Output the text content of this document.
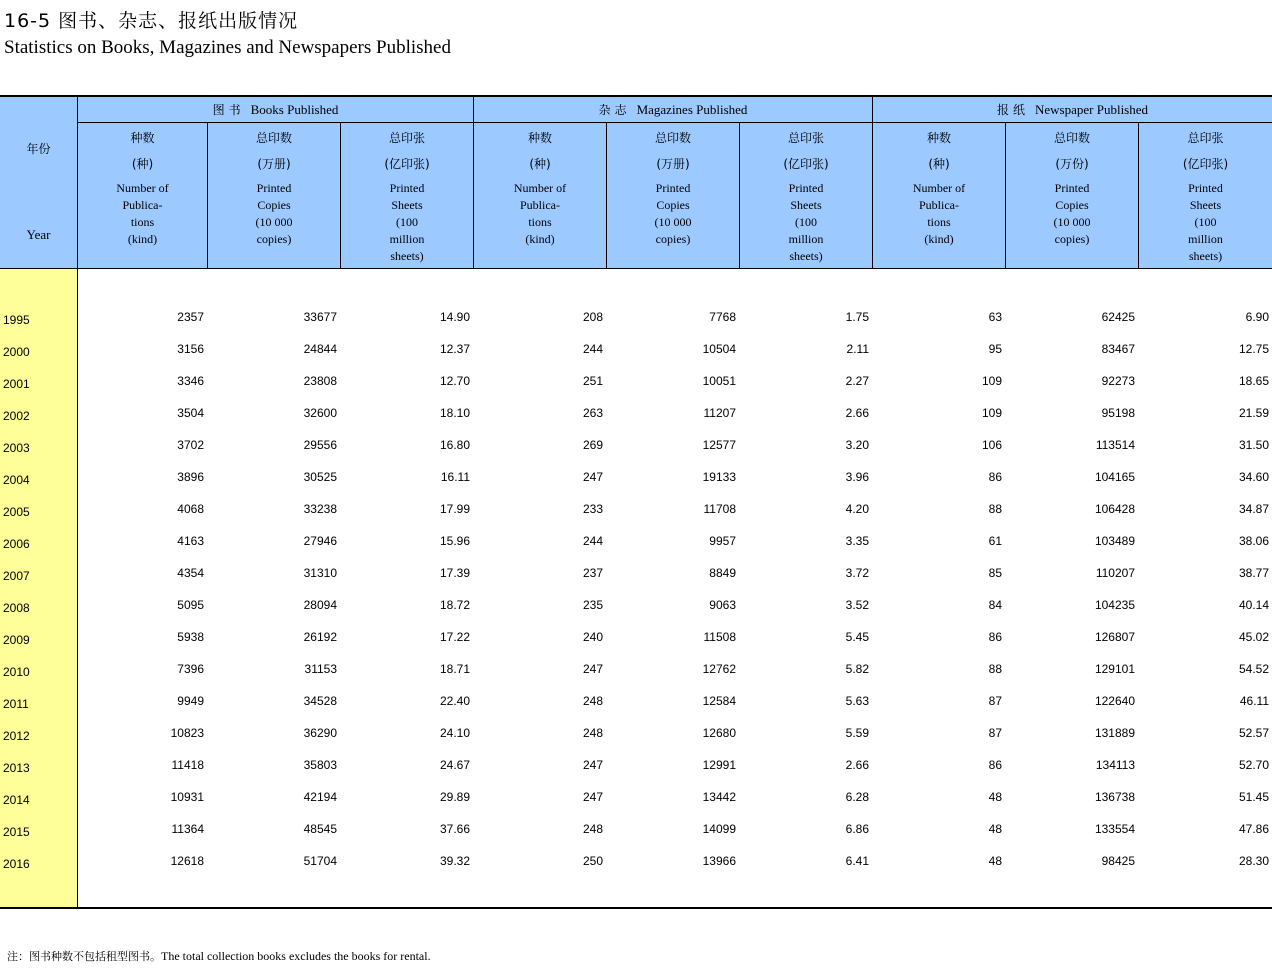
16-5 图书、杂志、报纸出版情况
Statistics on Books, Magazines and Newspapers Published
年份
Year
图书 Books Published	杂志 Magazines Published	报纸 Newspaper Published
种数
(种)
Number of
Publica-
tions
(kind)
总印数
(万册)
Printed
Copies
(10 000
copies)
总印张
(亿印张)
Printed
Sheets
(100
million
sheets)
种数
(种)
Number of
Publica-
tions
(kind)
总印数
(万册)
Printed
Copies
(10 000
copies)
总印张
(亿印张)
Printed
Sheets
(100
million
sheets)
种数
(种)
Number of
Publica-
tions
(kind)
总印数
(万份)
Printed
Copies
(10 000
copies)
总印张
(亿印张)
Printed
Sheets
(100
million
sheets)
1995	2357	33677	14.90	208	7768	1.75	63	62425	6.90
2000	3156	24844	12.37	244	10504	2.11	95	83467	12.75
2001	3346	23808	12.70	251	10051	2.27	109	92273	18.65
2002	3504	32600	18.10	263	11207	2.66	109	95198	21.59
2003	3702	29556	16.80	269	12577	3.20	106	113514	31.50
2004	3896	30525	16.11	247	19133	3.96	86	104165	34.60
2005	4068	33238	17.99	233	11708	4.20	88	106428	34.87
2006	4163	27946	15.96	244	9957	3.35	61	103489	38.06
2007	4354	31310	17.39	237	8849	3.72	85	110207	38.77
2008	5095	28094	18.72	235	9063	3.52	84	104235	40.14
2009	5938	26192	17.22	240	11508	5.45	86	126807	45.02
2010	7396	31153	18.71	247	12762	5.82	88	129101	54.52
2011	9949	34528	22.40	248	12584	5.63	87	122640	46.11
2012	10823	36290	24.10	248	12680	5.59	87	131889	52.57
2013	11418	35803	24.67	247	12991	2.66	86	134113	52.70
2014	10931	42194	29.89	247	13442	6.28	48	136738	51.45
2015	11364	48545	37.66	248	14099	6.86	48	133554	47.86
2016	12618	51704	39.32	250	13966	6.41	48	98425	28.30
注：图书种数不包括租型图书。The total collection books excludes the books for rental.
